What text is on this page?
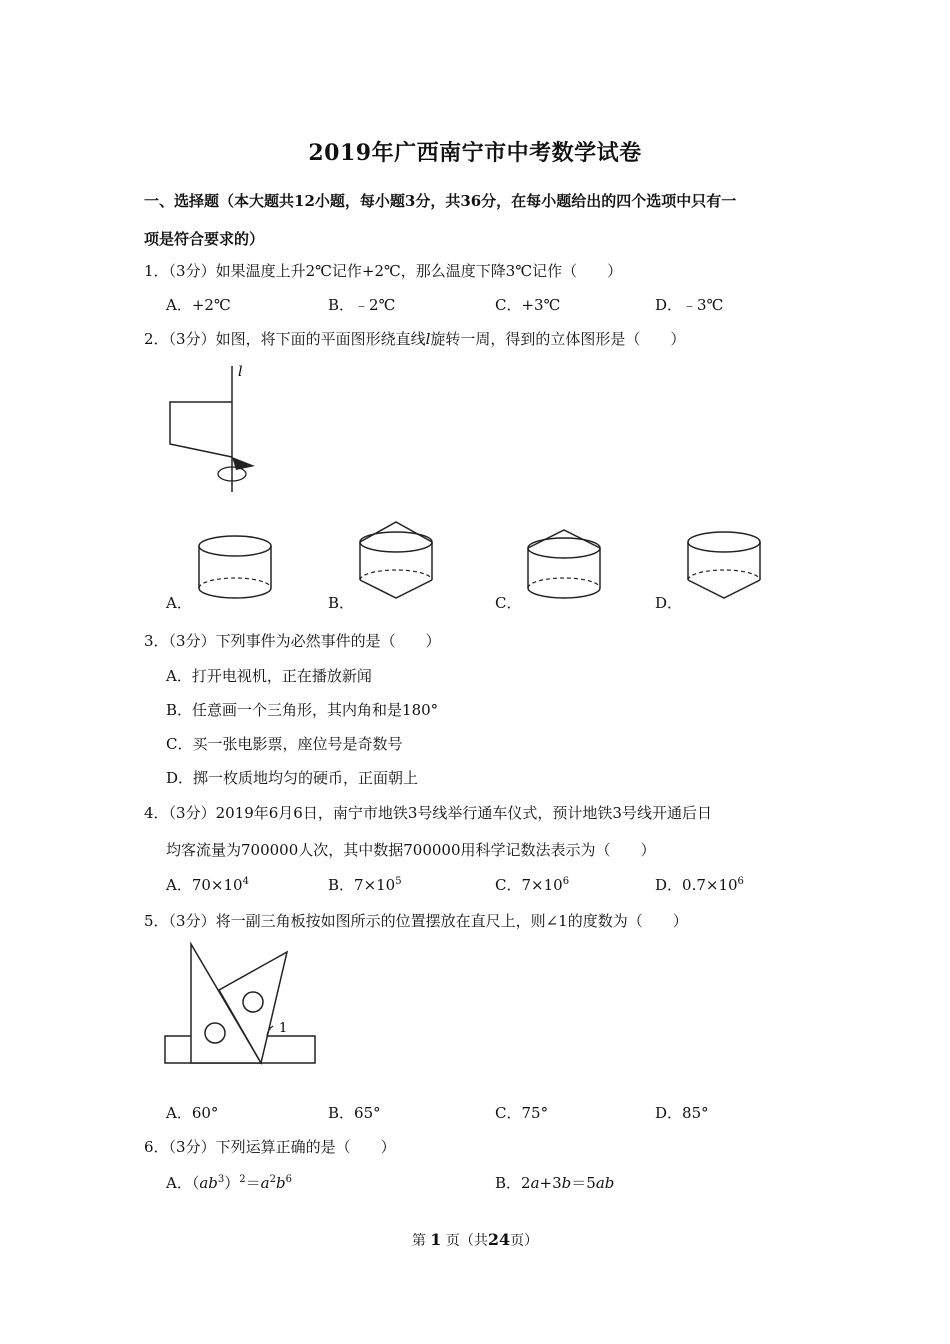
2019年广西南宁市中考数学试卷
一、选择题（本大题共12小题，每小题3分，共36分，在每小题给出的四个选项中只有一
项是符合要求的）
1．（3分）如果温度上升2℃记作+2℃，那么温度下降3℃记作（　　）
A．+2℃	B．﹣2℃	C．+3℃	D．﹣3℃
2．（3分）如图，将下面的平面图形绕直线l旋转一周，得到的立体图形是（　　）
l
A．	B．	C．	D．
3．（3分）下列事件为必然事件的是（　　）
A．打开电视机，正在播放新闻
B．任意画一个三角形，其内角和是180°
C．买一张电影票，座位号是奇数号
D．掷一枚质地均匀的硬币，正面朝上
4．（3分）2019年6月6日，南宁市地铁3号线举行通车仪式，预计地铁3号线开通后日
均客流量为700000人次，其中数据700000用科学记数法表示为（　　）
A．$70\times 10^4$	B．$7\times 10^5$	C．$7\times 10^6$	D．$0.7\times 10^6$
5．（3分）将一副三角板按如图所示的位置摆放在直尺上，则∠1的度数为（　　）
1
A．60°	B．65°	C．75°	D．85°
6．（3分）下列运算正确的是（　　）
A．$(ab^3)^2=a^2b^6$	B．2a+3b＝5ab
第 1 页（共24页）
